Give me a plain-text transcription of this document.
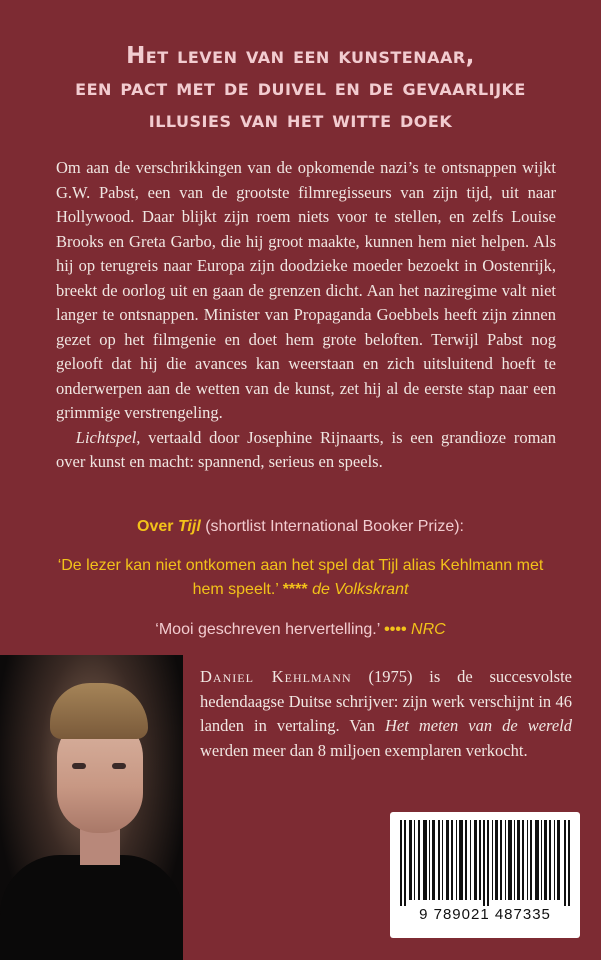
Het leven van een kunstenaar,
een pact met de duivel en de gevaarlijke
illusies van het witte doek

Om aan de verschrikkingen van de opkomende nazi’s te ontsnappen wijkt G.W. Pabst, een van de grootste filmregisseurs van zijn tijd, uit naar Hollywood. Daar blijkt zijn roem niets voor te stellen, en zelfs Louise Brooks en Greta Garbo, die hij groot maakte, kunnen hem niet helpen. Als hij op terugreis naar Europa zijn doodzieke moeder bezoekt in Oostenrijk, breekt de oorlog uit en gaan de grenzen dicht. Aan het naziregime valt niet langer te ontsnappen. Minister van Propaganda Goebbels heeft zijn zinnen gezet op het filmgenie en doet hem grote beloften. Terwijl Pabst nog gelooft dat hij die avances kan weerstaan en zich uitsluitend hoeft te onderwerpen aan de wetten van de kunst, zet hij al de eerste stap naar een grimmige verstrengeling.

Lichtspel, vertaald door Josephine Rijnaarts, is een grandioze roman over kunst en macht: spannend, serieus en speels.

Over Tijl (shortlist International Booker Prize):
‘De lezer kan niet ontkomen aan het spel dat Tijl alias Kehlmann met hem speelt.’ **** de Volkskrant
‘Mooi geschreven hervertelling.’ •••• NRC
Daniel Kehlmann (1975) is de succesvolste hedendaagse Duitse schrijver: zijn werk verschijnt in 46 landen in vertaling. Van Het meten van de wereld werden meer dan 8 miljoen exemplaren verkocht.
9 789021 487335
